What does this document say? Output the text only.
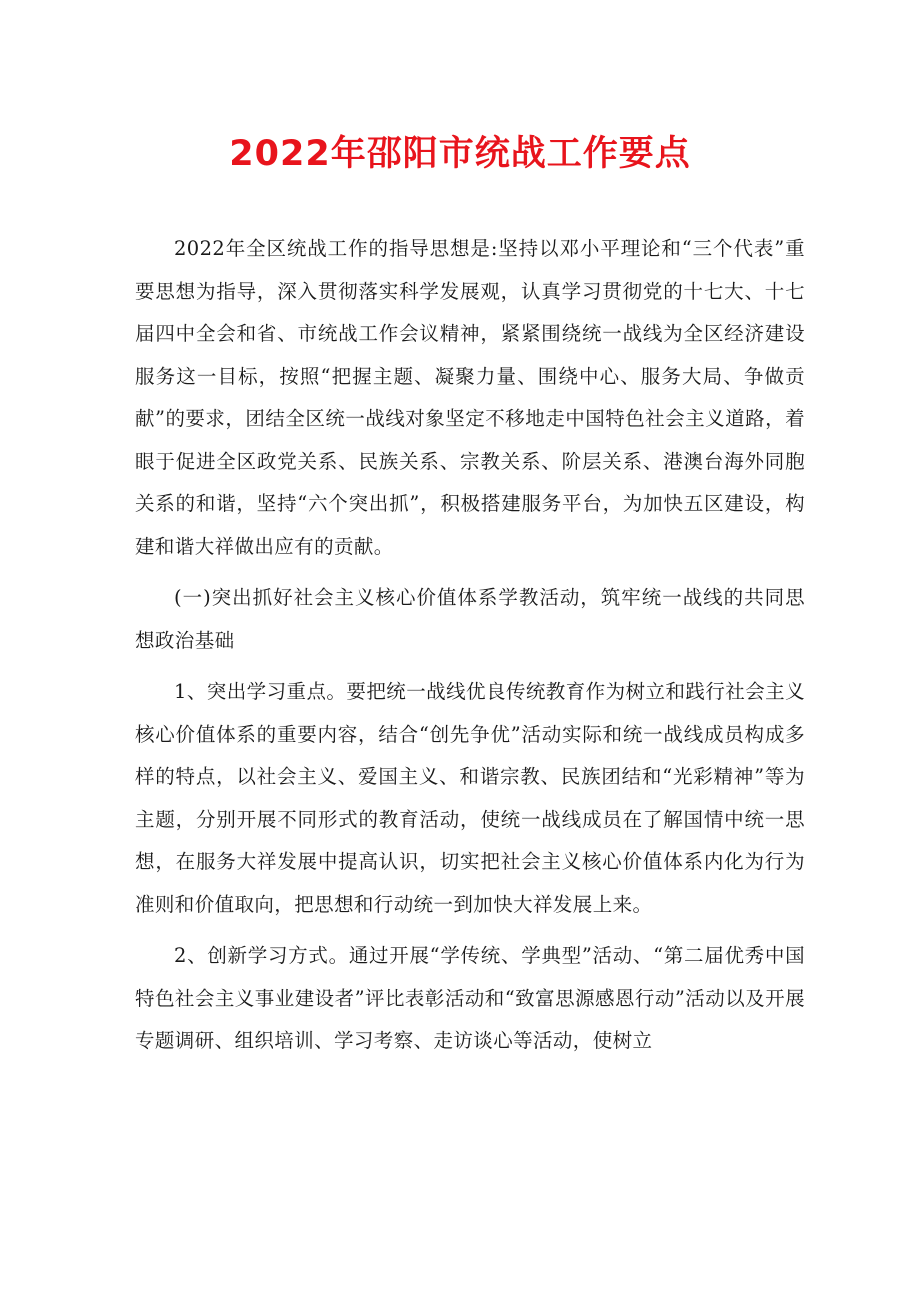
2022年邵阳市统战工作要点

2022年全区统战工作的指导思想是:坚持以邓小平理论和“三个代表”重要思想为指导，深入贯彻落实科学发展观，认真学习贯彻党的十七大、十七届四中全会和省、市统战工作会议精神，紧紧围绕统一战线为全区经济建设服务这一目标，按照“把握主题、凝聚力量、围绕中心、服务大局、争做贡献”的要求，团结全区统一战线对象坚定不移地走中国特色社会主义道路，着眼于促进全区政党关系、民族关系、宗教关系、阶层关系、港澳台海外同胞关系的和谐，坚持“六个突出抓”，积极搭建服务平台，为加快五区建设，构建和谐大祥做出应有的贡献。

(一)突出抓好社会主义核心价值体系学教活动，筑牢统一战线的共同思想政治基础

1、突出学习重点。要把统一战线优良传统教育作为树立和践行社会主义核心价值体系的重要内容，结合“创先争优”活动实际和统一战线成员构成多样的特点，以社会主义、爱国主义、和谐宗教、民族团结和“光彩精神”等为主题，分别开展不同形式的教育活动，使统一战线成员在了解国情中统一思想，在服务大祥发展中提高认识，切实把社会主义核心价值体系内化为行为准则和价值取向，把思想和行动统一到加快大祥发展上来。

2、创新学习方式。通过开展“学传统、学典型”活动、“第二届优秀中国特色社会主义事业建设者”评比表彰活动和“致富思源感恩行动”活动以及开展专题调研、组织培训、学习考察、走访谈心等活动，使树立
